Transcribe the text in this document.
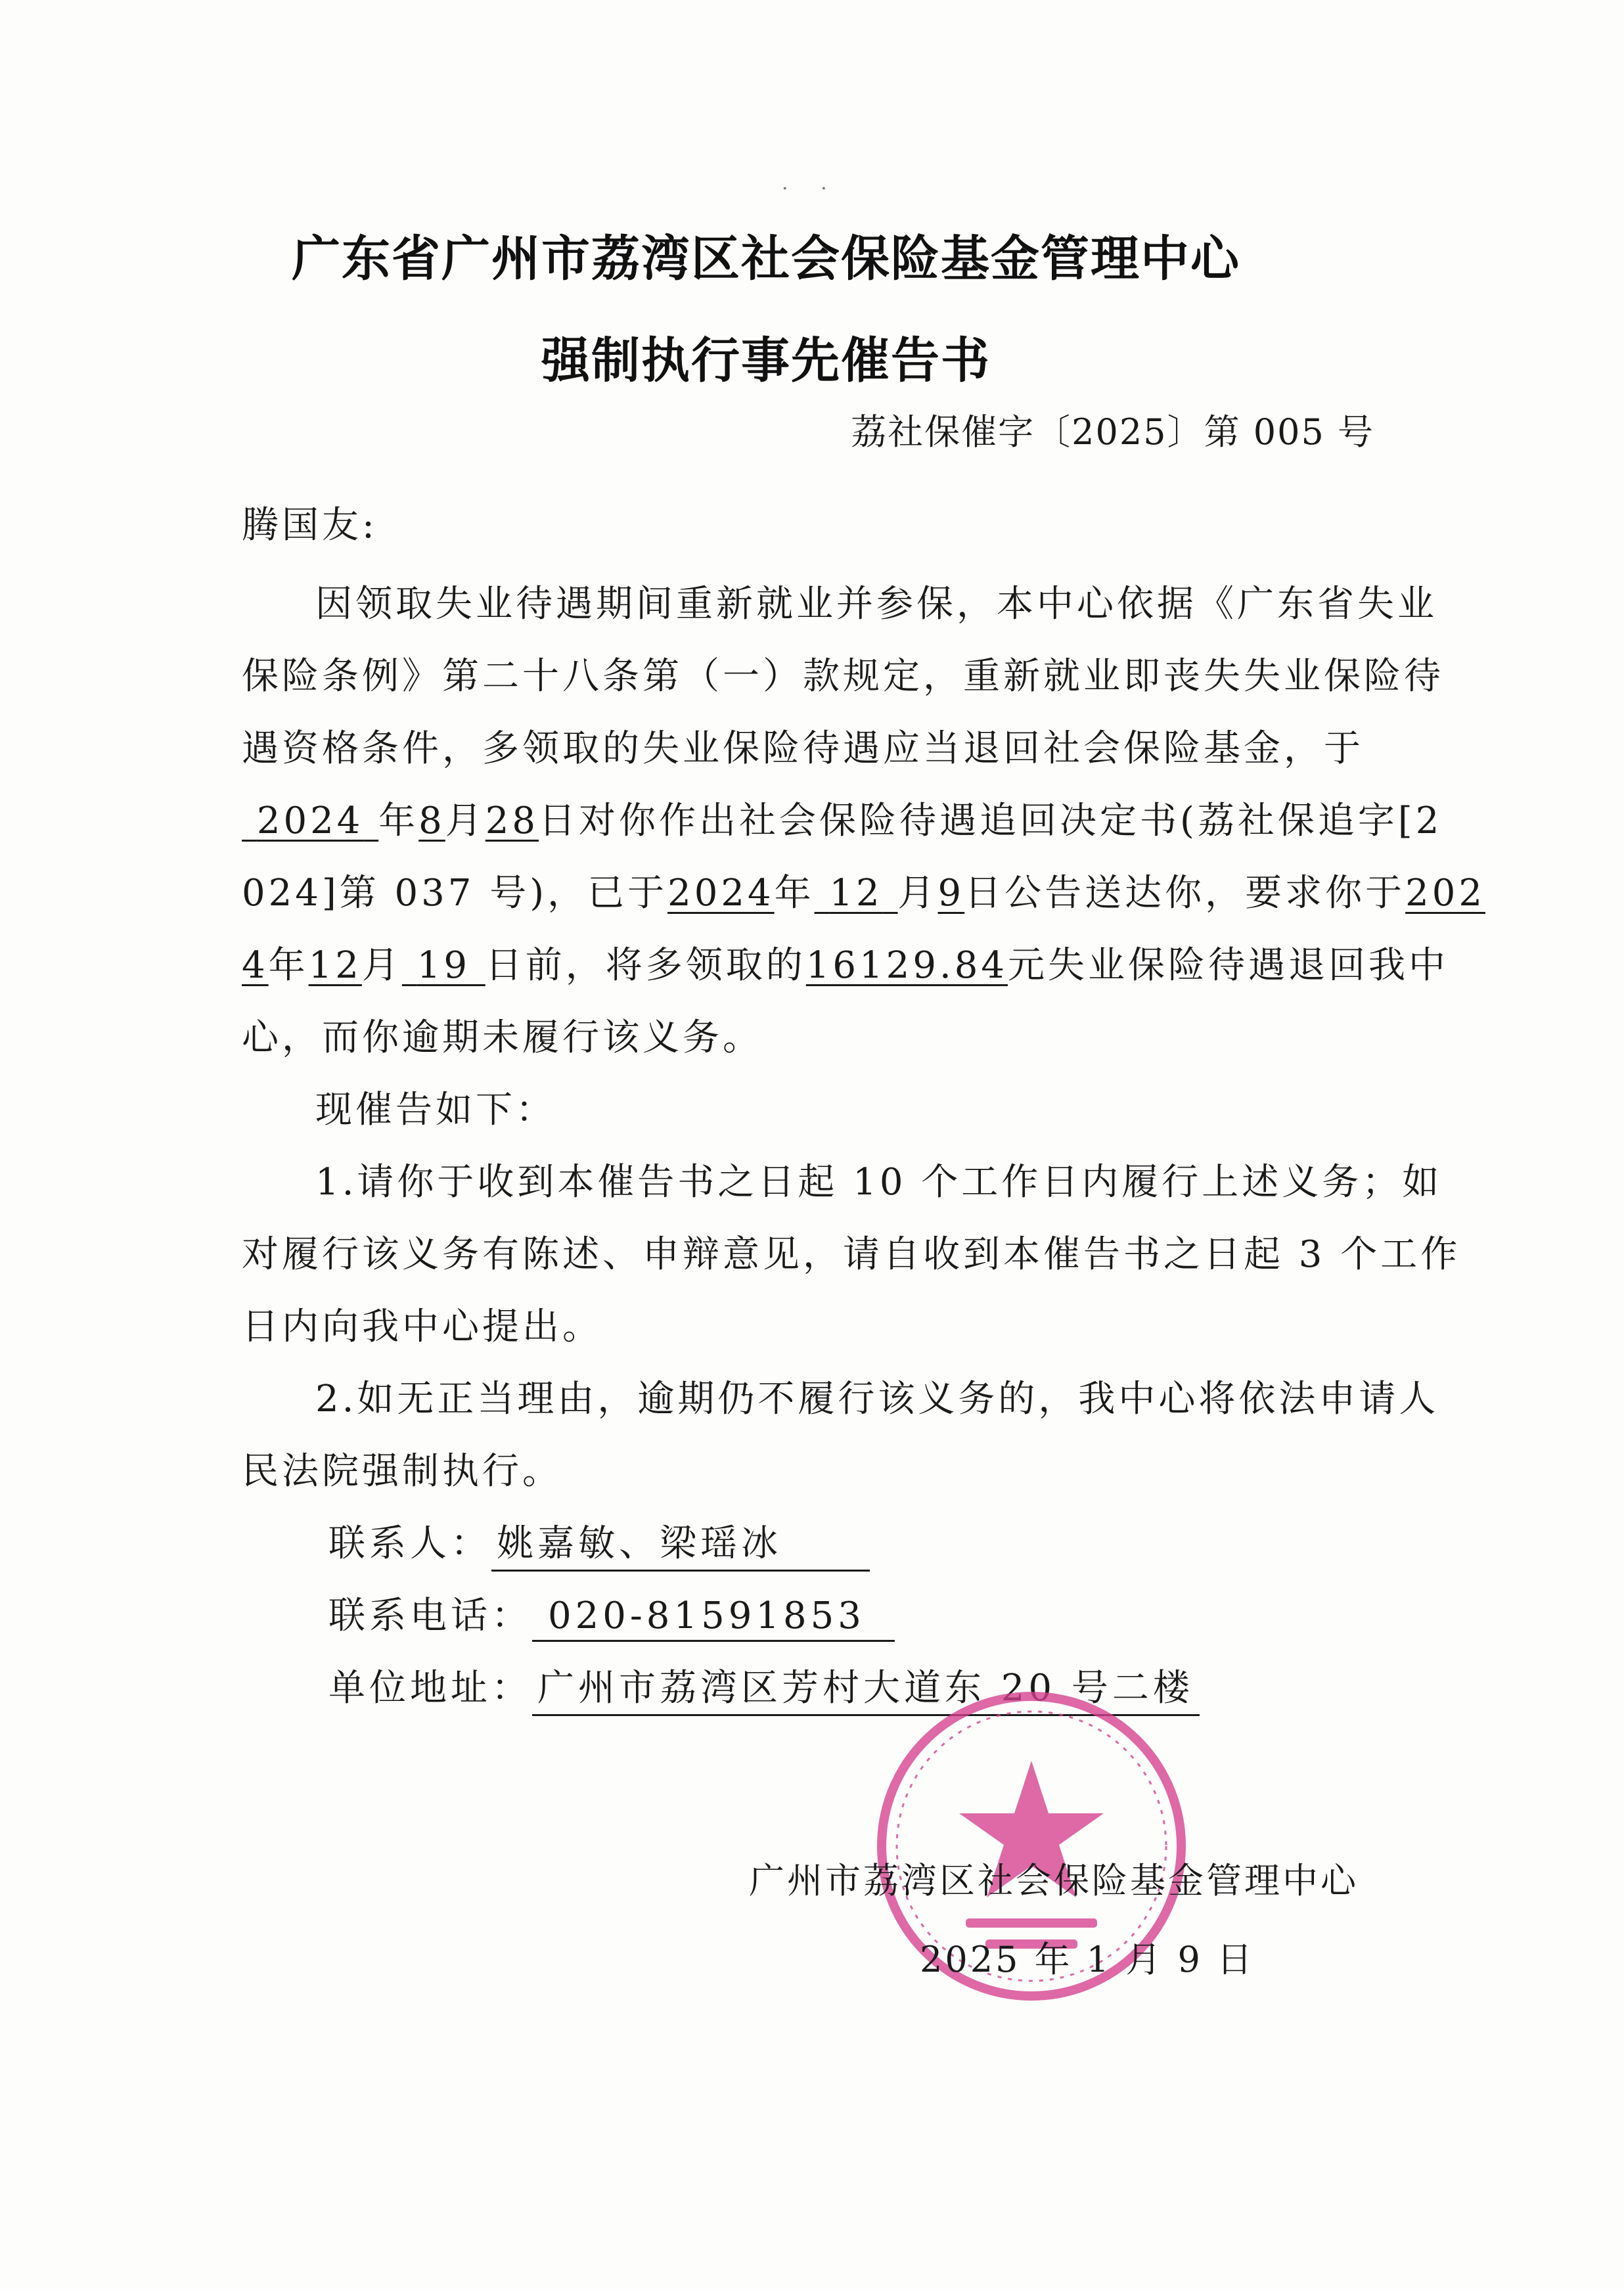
· ·
广东省广州市荔湾区社会保险基金管理中心
强制执行事先催告书
荔社保催字〔2025〕第 005 号
腾国友:
因领取失业待遇期间重新就业并参保，本中心依据《广东省失业
保险条例》第二十八条第（一）款规定，重新就业即丧失失业保险待
遇资格条件，多领取的失业保险待遇应当退回社会保险基金，于
2024 年8月28日对你作出社会保险待遇追回决定书(荔社保追字[2
024]第 037 号)，已于2024年 12 月9日公告送达你，要求你于202
4年12月 19 日前，将多领取的16129.84元失业保险待遇退回我中
心，而你逾期未履行该义务。
现催告如下：
1.请你于收到本催告书之日起 10 个工作日内履行上述义务；如
对履行该义务有陈述、申辩意见，请自收到本催告书之日起 3 个工作
日内向我中心提出。
2.如无正当理由，逾期仍不履行该义务的，我中心将依法申请人
民法院强制执行。
联系人： 姚嘉敏、梁瑶冰
联系电话： 020-81591853
单位地址： 广州市荔湾区芳村大道东 20 号二楼
广州市荔湾区社会保险基金管理中心
2025 年 1 月 9 日
